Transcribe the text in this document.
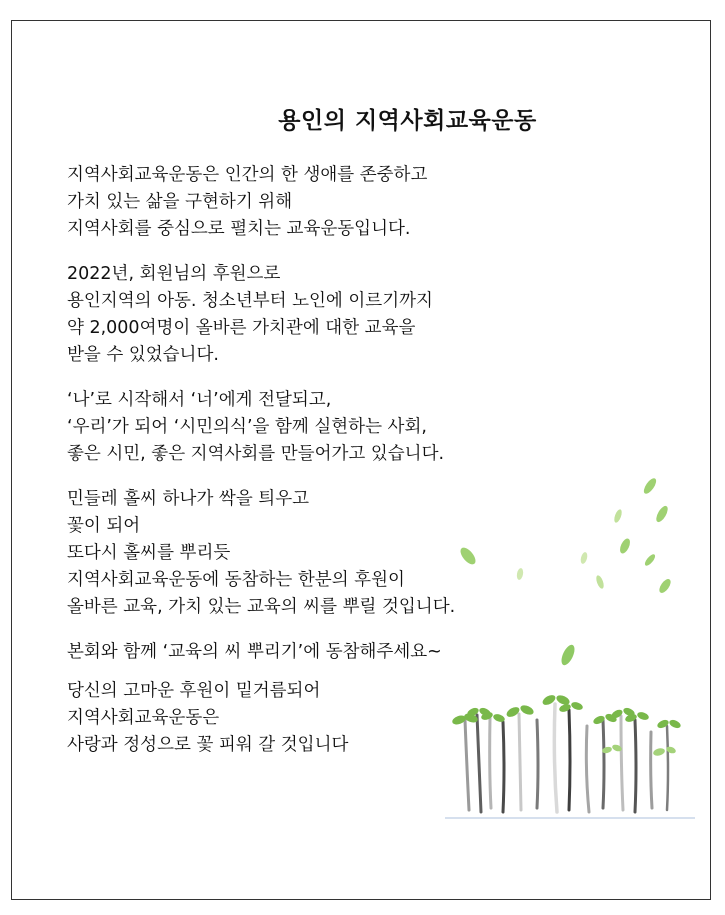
용인의 지역사회교육운동
지역사회교육운동은 인간의 한 생애를 존중하고
가치 있는 삶을 구현하기 위해
지역사회를 중심으로 펼치는 교육운동입니다.
2022년, 회원님의 후원으로
용인지역의 아동. 청소년부터 노인에 이르기까지
약 2,000여명이 올바른 가치관에 대한 교육을
받을 수 있었습니다.
‘나’로 시작해서 ‘너’에게 전달되고,
‘우리’가 되어 ‘시민의식’을 함께 실현하는 사회,
좋은 시민, 좋은 지역사회를 만들어가고 있습니다.
민들레 홀씨 하나가 싹을 틔우고
꽃이 되어
또다시 홀씨를 뿌리듯
지역사회교육운동에 동참하는 한분의 후원이
올바른 교육, 가치 있는 교육의 씨를 뿌릴 것입니다.
본회와 함께 ‘교육의 씨 뿌리기’에 동참해주세요~
당신의 고마운 후원이 밑거름되어
지역사회교육운동은
사랑과 정성으로 꽃 피워 갈 것입니다
